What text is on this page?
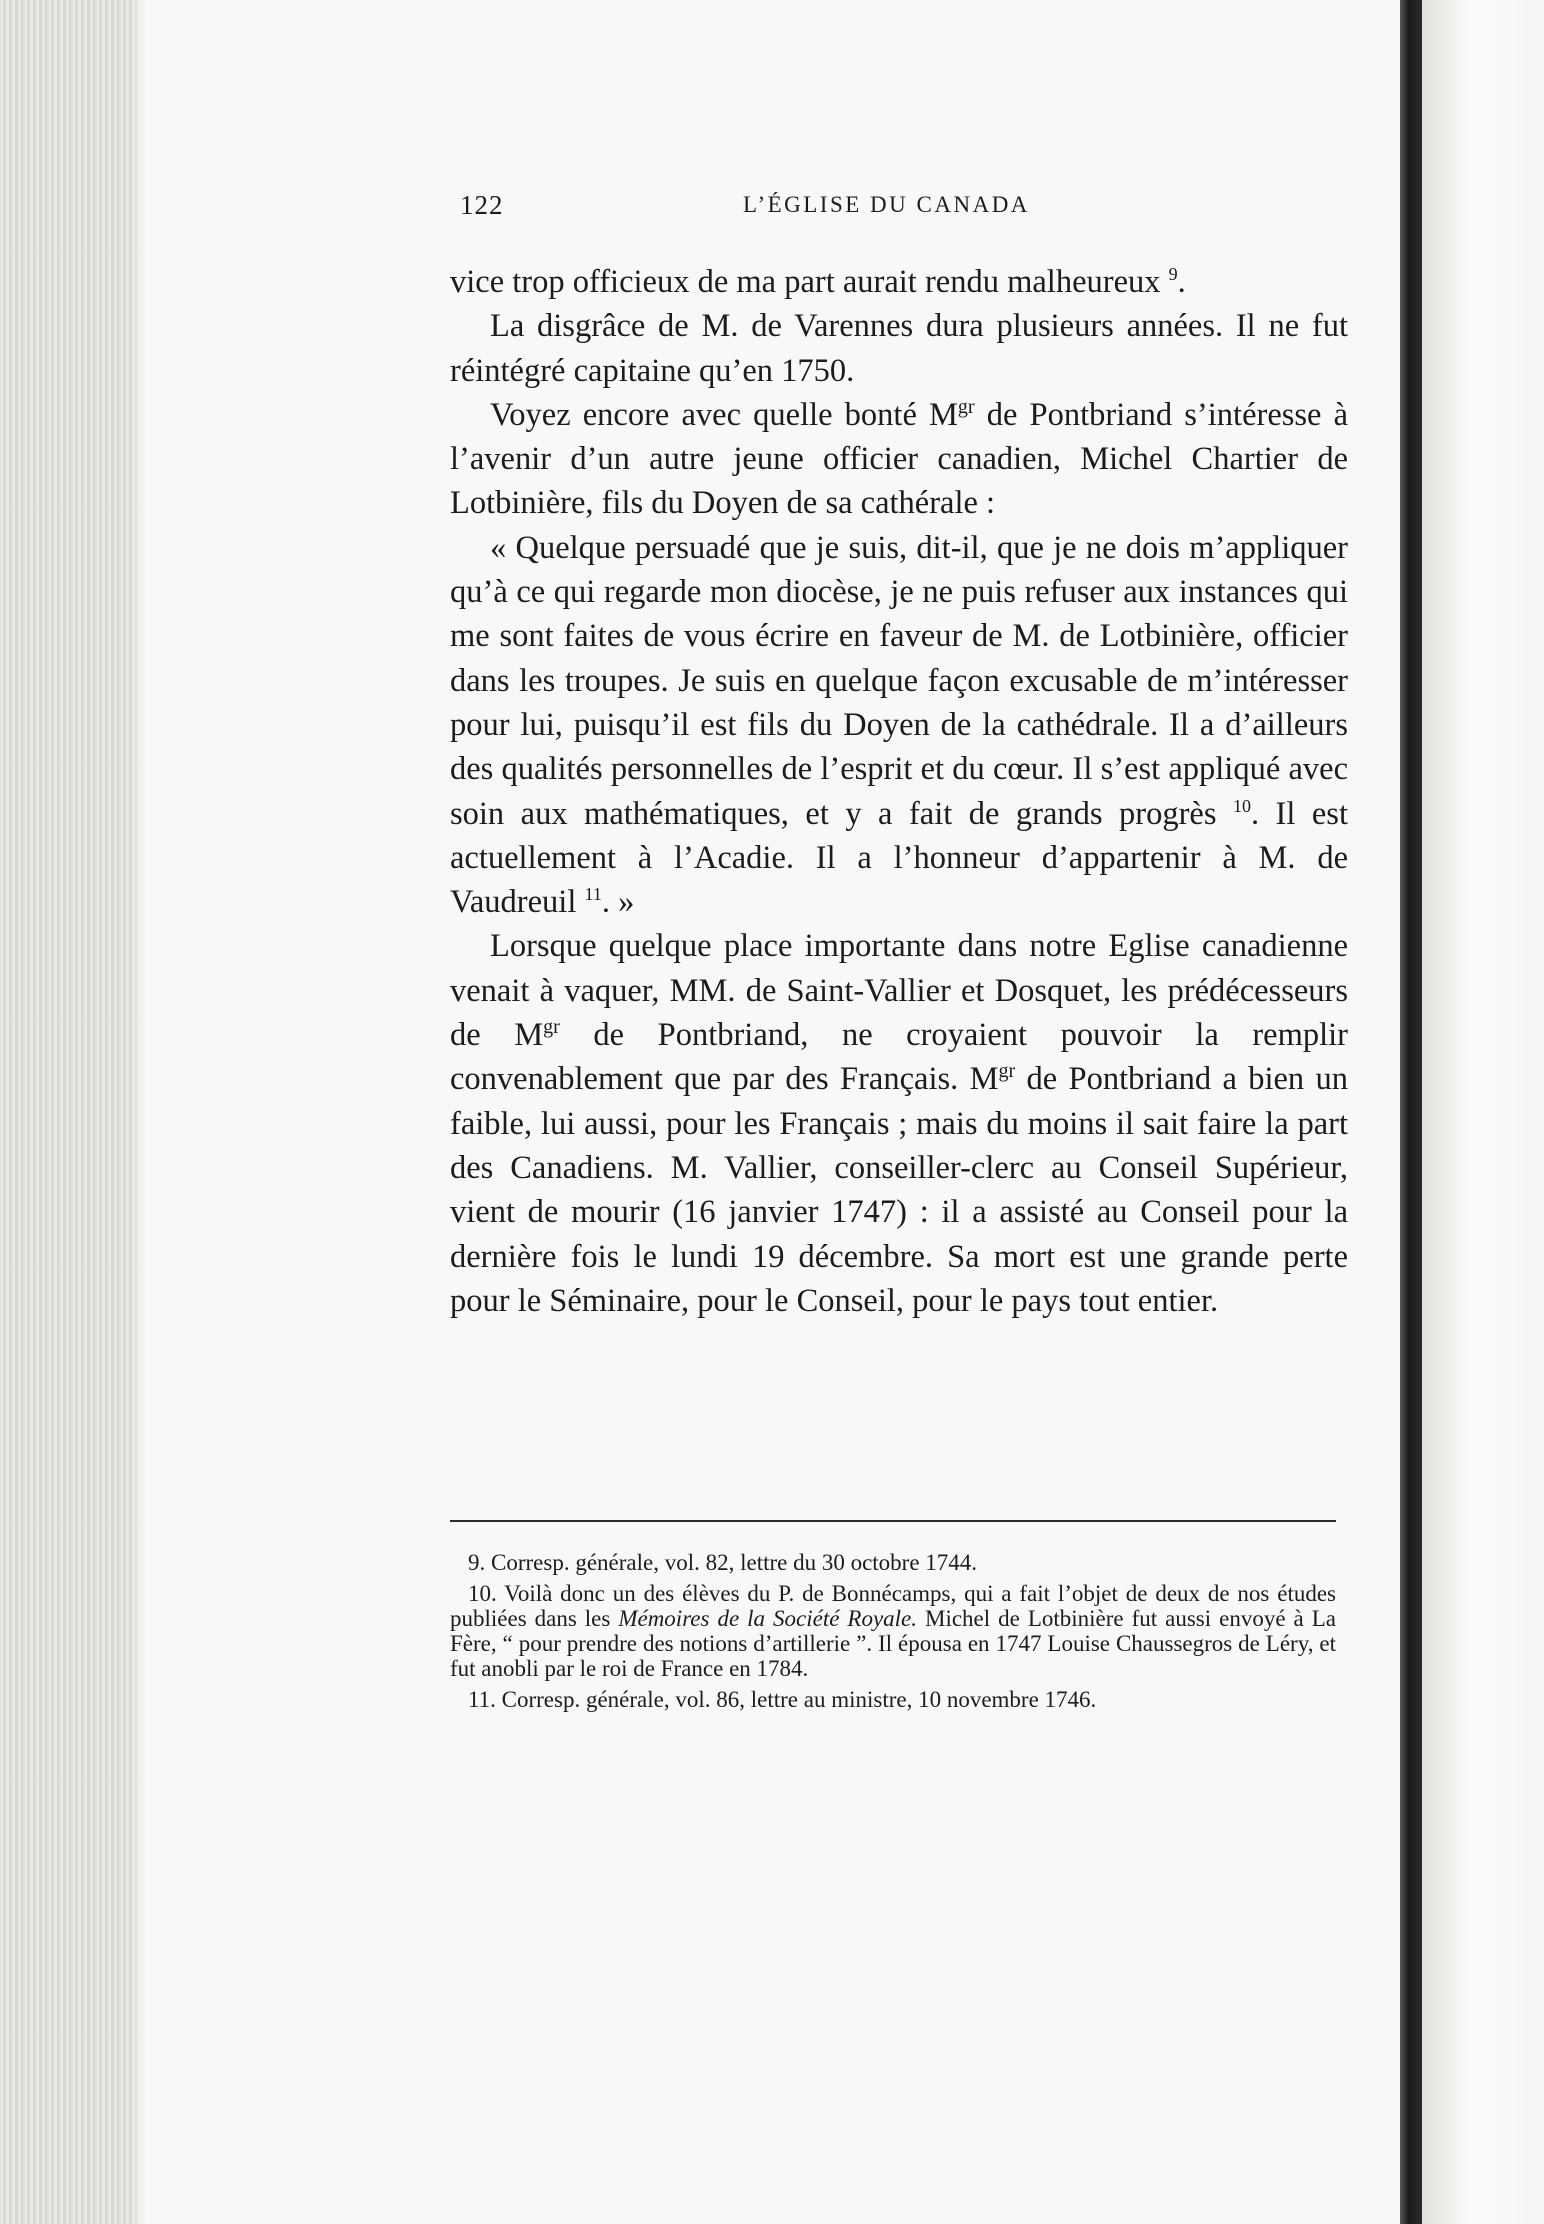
122	L’ÉGLISE DU CANADA

vice trop officieux de ma part aurait rendu malheureux $^9$.

La disgrâce de M. de Varennes dura plusieurs années. Il ne fut réintégré capitaine qu’en 1750.

Voyez encore avec quelle bonté $M^{gr}$ de Pontbriand s’intéresse à l’avenir d’un autre jeune officier canadien, Michel Chartier de Lotbinière, fils du Doyen de sa cathérale :

« Quelque persuadé que je suis, dit-il, que je ne dois m’appliquer qu’à ce qui regarde mon diocèse, je ne puis refuser aux instances qui me sont faites de vous écrire en faveur de M. de Lotbinière, officier dans les troupes. Je suis en quelque façon excusable de m’intéresser pour lui, puisqu’il est fils du Doyen de la cathédrale. Il a d’ailleurs des qualités personnelles de l’esprit et du cœur. Il s’est appliqué avec soin aux mathématiques, et y a fait de grands progrès $^{10}$. Il est actuellement à l’Acadie. Il a l’honneur d’appartenir à M. de Vaudreuil $^{11}$. »

Lorsque quelque place importante dans notre Eglise canadienne venait à vaquer, MM. de Saint-Vallier et Dosquet, les prédécesseurs de $M^{gr}$ de Pontbriand, ne croyaient pouvoir la remplir convenablement que par des Français. $M^{gr}$ de Pontbriand a bien un faible, lui aussi, pour les Français ; mais du moins il sait faire la part des Canadiens. M. Vallier, conseiller-clerc au Conseil Supérieur, vient de mourir (16 janvier 1747) : il a assisté au Conseil pour la dernière fois le lundi 19 décembre. Sa mort est une grande perte pour le Séminaire, pour le Conseil, pour le pays tout entier.

9. Corresp. générale, vol. 82, lettre du 30 octobre 1744.

10. Voilà donc un des élèves du P. de Bonnécamps, qui a fait l’objet de deux de nos études publiées dans les Mémoires de la Société Royale. Michel de Lotbinière fut aussi envoyé à La Fère, “ pour prendre des notions d’artillerie ”. Il épousa en 1747 Louise Chaussegros de Léry, et fut anobli par le roi de France en 1784.

11. Corresp. générale, vol. 86, lettre au ministre, 10 novembre 1746.
